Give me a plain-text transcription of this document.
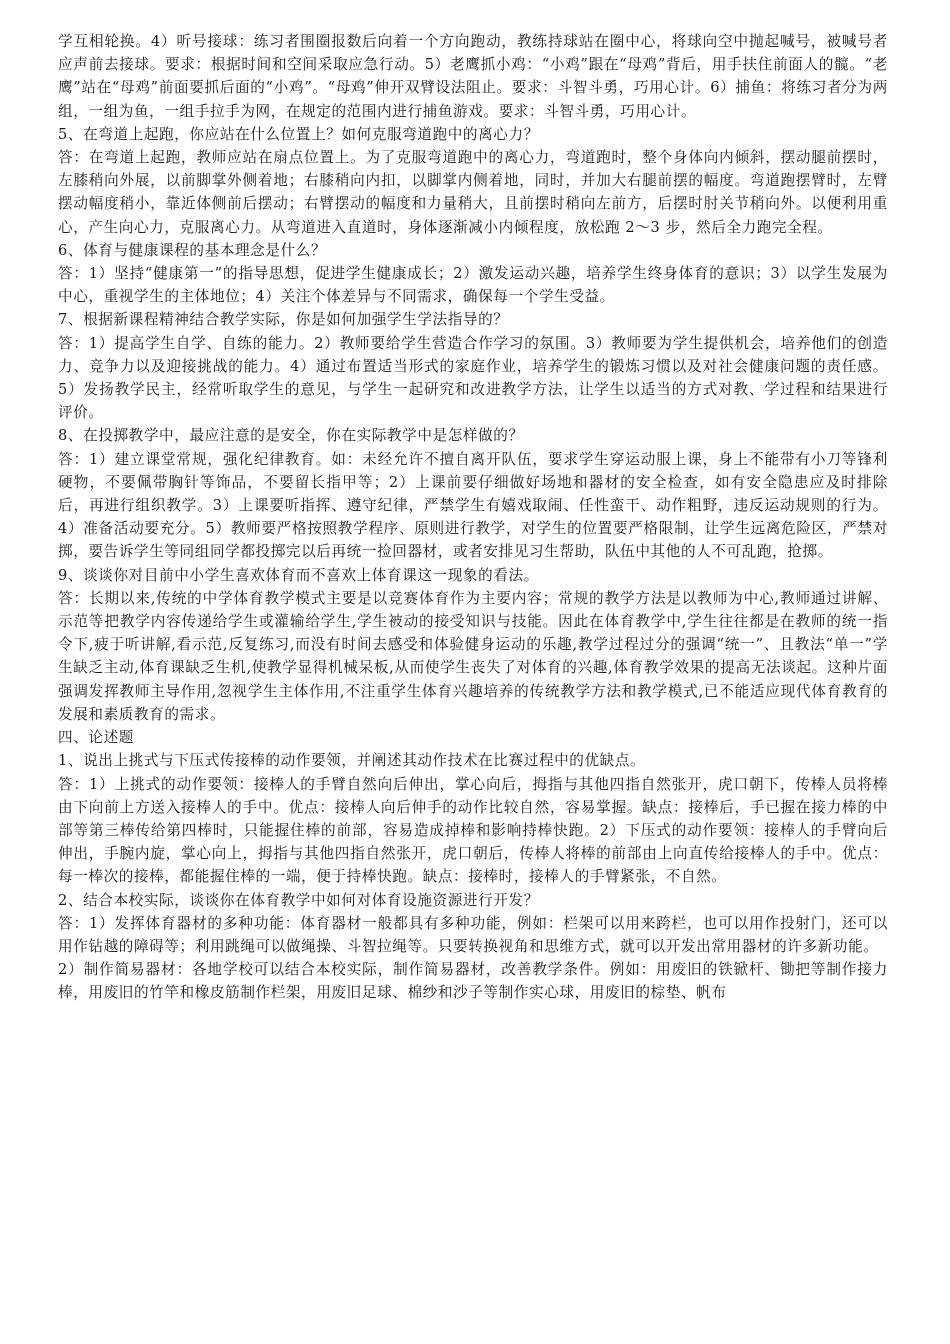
学互相轮换。4）听号接球：练习者围圈报数后向着一个方向跑动，教练持球站在圈中心，将球向空中抛起喊号，被喊号者应声前去接球。要求：根据时间和空间采取应急行动。5）老鹰抓小鸡：“小鸡”跟在“母鸡”背后，用手扶住前面人的髋。“老鹰”站在“母鸡”前面要抓后面的“小鸡”。“母鸡”伸开双臂设法阻止。要求：斗智斗勇，巧用心计。6）捕鱼：将练习者分为两组，一组为鱼，一组手拉手为网，在规定的范围内进行捕鱼游戏。要求：斗智斗勇，巧用心计。

5、在弯道上起跑，你应站在什么位置上？如何克服弯道跑中的离心力？

答：在弯道上起跑，教师应站在扇点位置上。为了克服弯道跑中的离心力，弯道跑时，整个身体向内倾斜，摆动腿前摆时，左膝稍向外展，以前脚掌外侧着地；右膝稍向内扣，以脚掌内侧着地，同时，并加大右腿前摆的幅度。弯道跑摆臂时，左臂摆动幅度稍小，靠近体侧前后摆动；右臂摆动的幅度和力量稍大，且前摆时稍向左前方，后摆时肘关节稍向外。以便利用重心，产生向心力，克服离心力。从弯道进入直道时，身体逐渐减小内倾程度，放松跑 2～3 步，然后全力跑完全程。

6、体育与健康课程的基本理念是什么？

答：1）坚持“健康第一”的指导思想，促进学生健康成长；2）激发运动兴趣，培养学生终身体育的意识；3）以学生发展为中心，重视学生的主体地位；4）关注个体差异与不同需求，确保每一个学生受益。

7、根据新课程精神结合教学实际，你是如何加强学生学法指导的？

答：1）提高学生自学、自练的能力。2）教师要给学生营造合作学习的氛围。3）教师要为学生提供机会，培养他们的创造力、竞争力以及迎接挑战的能力。4）通过布置适当形式的家庭作业，培养学生的锻炼习惯以及对社会健康问题的责任感。5）发扬教学民主，经常听取学生的意见，与学生一起研究和改进教学方法，让学生以适当的方式对教、学过程和结果进行评价。

8、在投掷教学中，最应注意的是安全，你在实际教学中是怎样做的？

答：1）建立课堂常规，强化纪律教育。如：未经允许不擅自离开队伍，要求学生穿运动服上课，身上不能带有小刀等锋利硬物，不要佩带胸针等饰品，不要留长指甲等；2）上课前要仔细做好场地和器材的安全检查，如有安全隐患应及时排除后，再进行组织教学。3）上课要听指挥、遵守纪律，严禁学生有嬉戏取闹、任性蛮干、动作粗野，违反运动规则的行为。4）准备活动要充分。5）教师要严格按照教学程序、原则进行教学，对学生的位置要严格限制，让学生远离危险区，严禁对掷，要告诉学生等同组同学都投掷完以后再统一捡回器材，或者安排见习生帮助，队伍中其他的人不可乱跑，抢掷。

9、谈谈你对目前中小学生喜欢体育而不喜欢上体育课这一现象的看法。

答：长期以来,传统的中学体育教学模式主要是以竞赛体育作为主要内容；常规的教学方法是以教师为中心,教师通过讲解、示范等把教学内容传递给学生或灌输给学生,学生被动的接受知识与技能。因此在体育教学中,学生往往都是在教师的统一指令下,疲于听讲解,看示范,反复练习,而没有时间去感受和体验健身运动的乐趣,教学过程过分的强调“统一”、且教法“单一”学生缺乏主动,体育课缺乏生机,使教学显得机械呆板,从而使学生丧失了对体育的兴趣,体育教学效果的提高无法谈起。这种片面强调发挥教师主导作用,忽视学生主体作用,不注重学生体育兴趣培养的传统教学方法和教学模式,已不能适应现代体育教育的发展和素质教育的需求。

四、论述题

1、说出上挑式与下压式传接棒的动作要领，并阐述其动作技术在比赛过程中的优缺点。

答：1）上挑式的动作要领：接棒人的手臂自然向后伸出，掌心向后，拇指与其他四指自然张开，虎口朝下，传棒人员将棒由下向前上方送入接棒人的手中。优点：接棒人向后伸手的动作比较自然，容易掌握。缺点：接棒后，手已握在接力棒的中部等第三棒传给第四棒时，只能握住棒的前部，容易造成掉棒和影响持棒快跑。2）下压式的动作要领：接棒人的手臂向后伸出，手腕内旋，掌心向上，拇指与其他四指自然张开，虎口朝后，传棒人将棒的前部由上向直传给接棒人的手中。优点：每一棒次的接棒，都能握住棒的一端，便于持棒快跑。缺点：接棒时，接棒人的手臂紧张，不自然。

2、结合本校实际，谈谈你在体育教学中如何对体育设施资源进行开发？

答：1）发挥体育器材的多种功能：体育器材一般都具有多种功能，例如：栏架可以用来跨栏，也可以用作投射门，还可以用作钻越的障碍等；利用跳绳可以做绳操、斗智拉绳等。只要转换视角和思维方式，就可以开发出常用器材的许多新功能。

2）制作简易器材：各地学校可以结合本校实际，制作简易器材，改善教学条件。例如：用废旧的铁锨杆、锄把等制作接力棒，用废旧的竹竿和橡皮筋制作栏架，用废旧足球、棉纱和沙子等制作实心球，用废旧的棕垫、帆布
